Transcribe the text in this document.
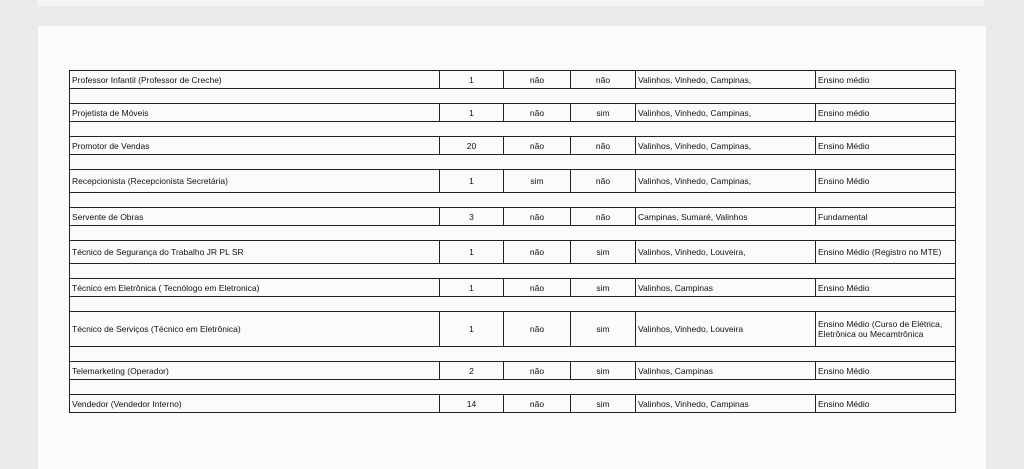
Professor Infantil (Professor de Creche)	1	não	não	Valinhos, Vinhedo, Campinas,	Ensino médio

Projetista de Móveis	1	não	sim	Valinhos, Vinhedo, Campinas,	Ensino médio

Promotor de Vendas	20	não	não	Valinhos, Vinhedo, Campinas,	Ensino Médio

Recepcionista (Recepcionista Secretária)	1	sim	não	Valinhos, Vinhedo, Campinas,	Ensino Médio

Servente de Obras	3	não	não	Campinas, Sumaré, Valinhos	Fundamental

Técnico de Segurança do Trabalho JR PL SR	1	não	sim	Valinhos, Vinhedo, Louveira,	Ensino Médio (Registro no MTE)

Técnico em Eletrônica ( Tecnólogo em Eletronica)	1	não	sim	Valinhos, Campinas	Ensino Médio

Técnico de Serviços (Técnico em Eletrônica)	1	não	sim	Valinhos, Vinhedo, Louveira	Ensino Médio (Curso de Elétrica, Eletrônica ou Mecamtrônica

Telemarketing (Operador)	2	não	sim	Valinhos, Campinas	Ensino Médio

Vendedor (Vendedor Interno)	14	não	sim	Valinhos, Vinhedo, Campinas	Ensino Médio
